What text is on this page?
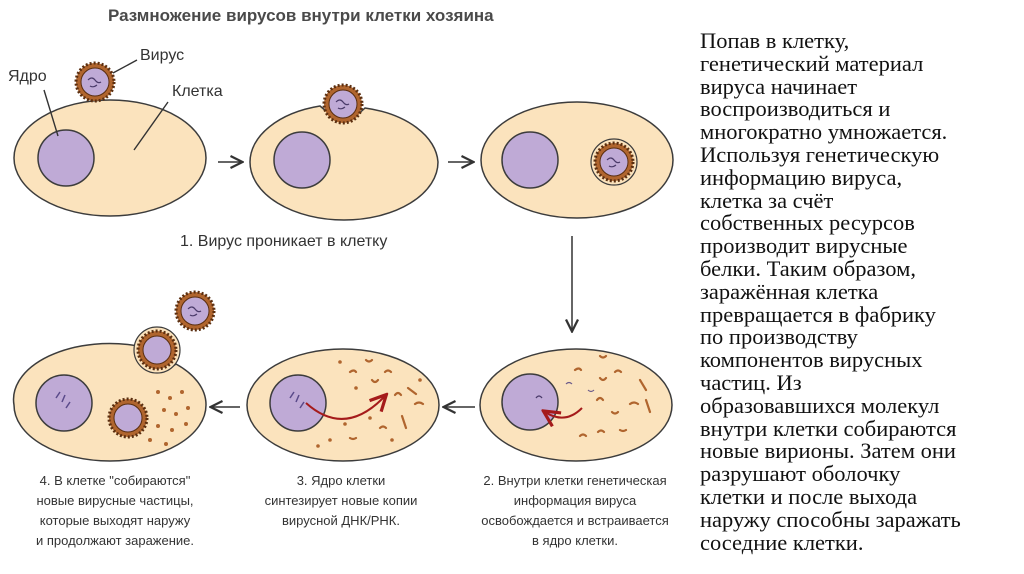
Размножение вирусов внутри клетки хозяина
Ядро
Вирус
Клетка
1. Вирус проникает в клетку
4. В клетке "собираются"
новые вирусные частицы,
которые выходят наружу
и продолжают заражение.
3. Ядро клетки
синтезирует новые копии
вирусной ДНК/РНК.
2. Внутри клетки генетическая
информация вируса
освобождается и встраивается
в ядро клетки.

Попав в клетку,
генетический материал
вируса начинает
воспроизводиться и
многократно умножается.
Используя генетическую
информацию вируса,
клетка за счёт
собственных ресурсов
производит вирусные
белки. Таким образом,
заражённая клетка
превращается в фабрику
по производству
компонентов вирусных
частиц. Из
образовавшихся молекул
внутри клетки собираются
новые вирионы. Затем они
разрушают оболочку
клетки и после выхода
наружу способны заражать
соседние клетки.
